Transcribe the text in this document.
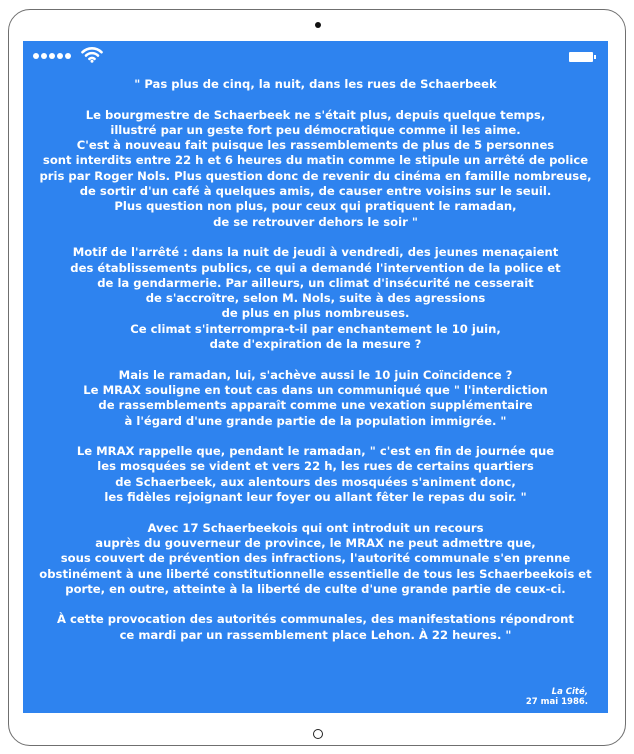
" Pas plus de cinq, la nuit, dans les rues de Schaerbeek
Le bourgmestre de Schaerbeek ne s'était plus, depuis quelque temps,
illustré par un geste fort peu démocratique comme il les aime.
C'est à nouveau fait puisque les rassemblements de plus de 5 personnes
sont interdits entre 22 h et 6 heures du matin comme le stipule un arrêté de police
pris par Roger Nols. Plus question donc de revenir du cinéma en famille nombreuse,
de sortir d'un café à quelques amis, de causer entre voisins sur le seuil.
Plus question non plus, pour ceux qui pratiquent le ramadan,
de se retrouver dehors le soir "
Motif de l'arrêté : dans la nuit de jeudi à vendredi, des jeunes menaçaient
des établissements publics, ce qui a demandé l'intervention de la police et
de la gendarmerie. Par ailleurs, un climat d'insécurité ne cesserait
de s'accroître, selon M. Nols, suite à des agressions
de plus en plus nombreuses.
Ce climat s'interrompra-t-il par enchantement le 10 juin,
date d'expiration de la mesure ?
Mais le ramadan, lui, s'achève aussi le 10 juin Coïncidence ?
Le MRAX souligne en tout cas dans un communiqué que " l'interdiction
de rassemblements apparaît comme une vexation supplémentaire
à l'égard d'une grande partie de la population immigrée. "
Le MRAX rappelle que, pendant le ramadan, " c'est en fin de journée que
les mosquées se vident et vers 22 h, les rues de certains quartiers
de Schaerbeek, aux alentours des mosquées s'animent donc,
les fidèles rejoignant leur foyer ou allant fêter le repas du soir. "
Avec 17 Schaerbeekois qui ont introduit un recours
auprès du gouverneur de province, le MRAX ne peut admettre que,
sous couvert de prévention des infractions, l'autorité communale s'en prenne
obstinément à une liberté constitutionnelle essentielle de tous les Schaerbeekois et
porte, en outre, atteinte à la liberté de culte d'une grande partie de ceux-ci.
À cette provocation des autorités communales, des manifestations répondront
ce mardi par un rassemblement place Lehon. À 22 heures. "
La Cité,
27 mai 1986.
